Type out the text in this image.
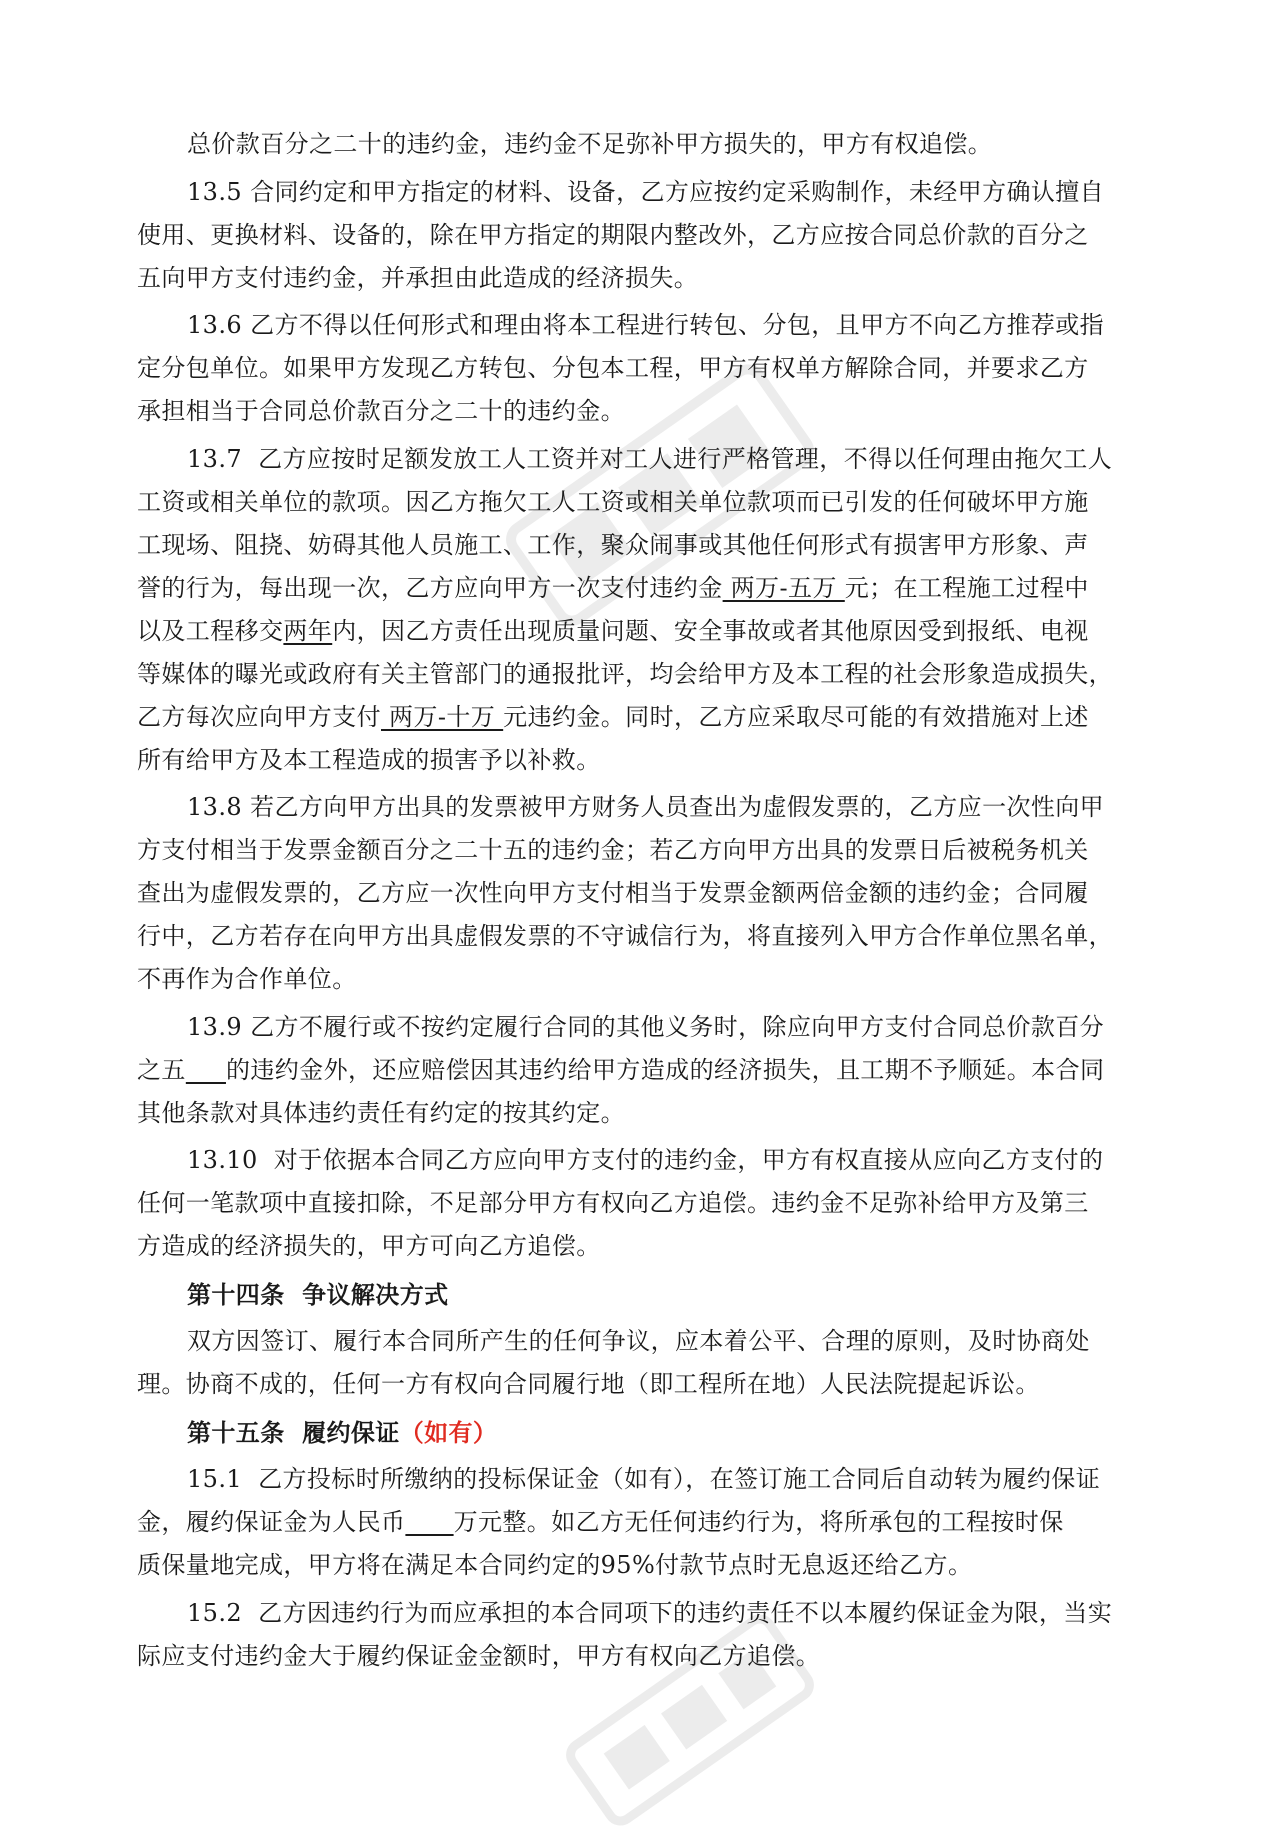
总价款百分之二十的违约金，违约金不足弥补甲方损失的，甲方有权追偿。
13.5 合同约定和甲方指定的材料、设备，乙方应按约定采购制作，未经甲方确认擅自
使用、更换材料、设备的，除在甲方指定的期限内整改外，乙方应按合同总价款的百分之
五向甲方支付违约金，并承担由此造成的经济损失。
13.6 乙方不得以任何形式和理由将本工程进行转包、分包，且甲方不向乙方推荐或指
定分包单位。如果甲方发现乙方转包、分包本工程，甲方有权单方解除合同，并要求乙方
承担相当于合同总价款百分之二十的违约金。
13.7  乙方应按时足额发放工人工资并对工人进行严格管理，不得以任何理由拖欠工人
工资或相关单位的款项。因乙方拖欠工人工资或相关单位款项而已引发的任何破坏甲方施
工现场、阻挠、妨碍其他人员施工、工作，聚众闹事或其他任何形式有损害甲方形象、声
誉的行为，每出现一次，乙方应向甲方一次支付违约金 两万-五万 元；在工程施工过程中
以及工程移交两年内，因乙方责任出现质量问题、安全事故或者其他原因受到报纸、电视
等媒体的曝光或政府有关主管部门的通报批评，均会给甲方及本工程的社会形象造成损失，
乙方每次应向甲方支付 两万-十万 元违约金。同时，乙方应采取尽可能的有效措施对上述
所有给甲方及本工程造成的损害予以补救。
13.8 若乙方向甲方出具的发票被甲方财务人员查出为虚假发票的，乙方应一次性向甲
方支付相当于发票金额百分之二十五的违约金；若乙方向甲方出具的发票日后被税务机关
查出为虚假发票的，乙方应一次性向甲方支付相当于发票金额两倍金额的违约金；合同履
行中，乙方若存在向甲方出具虚假发票的不守诚信行为，将直接列入甲方合作单位黑名单，
不再作为合作单位。
13.9 乙方不履行或不按约定履行合同的其他义务时，除应向甲方支付合同总价款百分
之五 的违约金外，还应赔偿因其违约给甲方造成的经济损失，且工期不予顺延。本合同
其他条款对具体违约责任有约定的按其约定。
13.10  对于依据本合同乙方应向甲方支付的违约金，甲方有权直接从应向乙方支付的
任何一笔款项中直接扣除，不足部分甲方有权向乙方追偿。违约金不足弥补给甲方及第三
方造成的经济损失的，甲方可向乙方追偿。
第十四条  争议解决方式
双方因签订、履行本合同所产生的任何争议，应本着公平、合理的原则，及时协商处
理。协商不成的，任何一方有权向合同履行地（即工程所在地）人民法院提起诉讼。
第十五条  履约保证（如有）
15.1  乙方投标时所缴纳的投标保证金（如有），在签订施工合同后自动转为履约保证
金，履约保证金为人民币 万元整。如乙方无任何违约行为，将所承包的工程按时保
质保量地完成，甲方将在满足本合同约定的95%付款节点时无息返还给乙方。
15.2  乙方因违约行为而应承担的本合同项下的违约责任不以本履约保证金为限，当实
际应支付违约金大于履约保证金金额时，甲方有权向乙方追偿。
